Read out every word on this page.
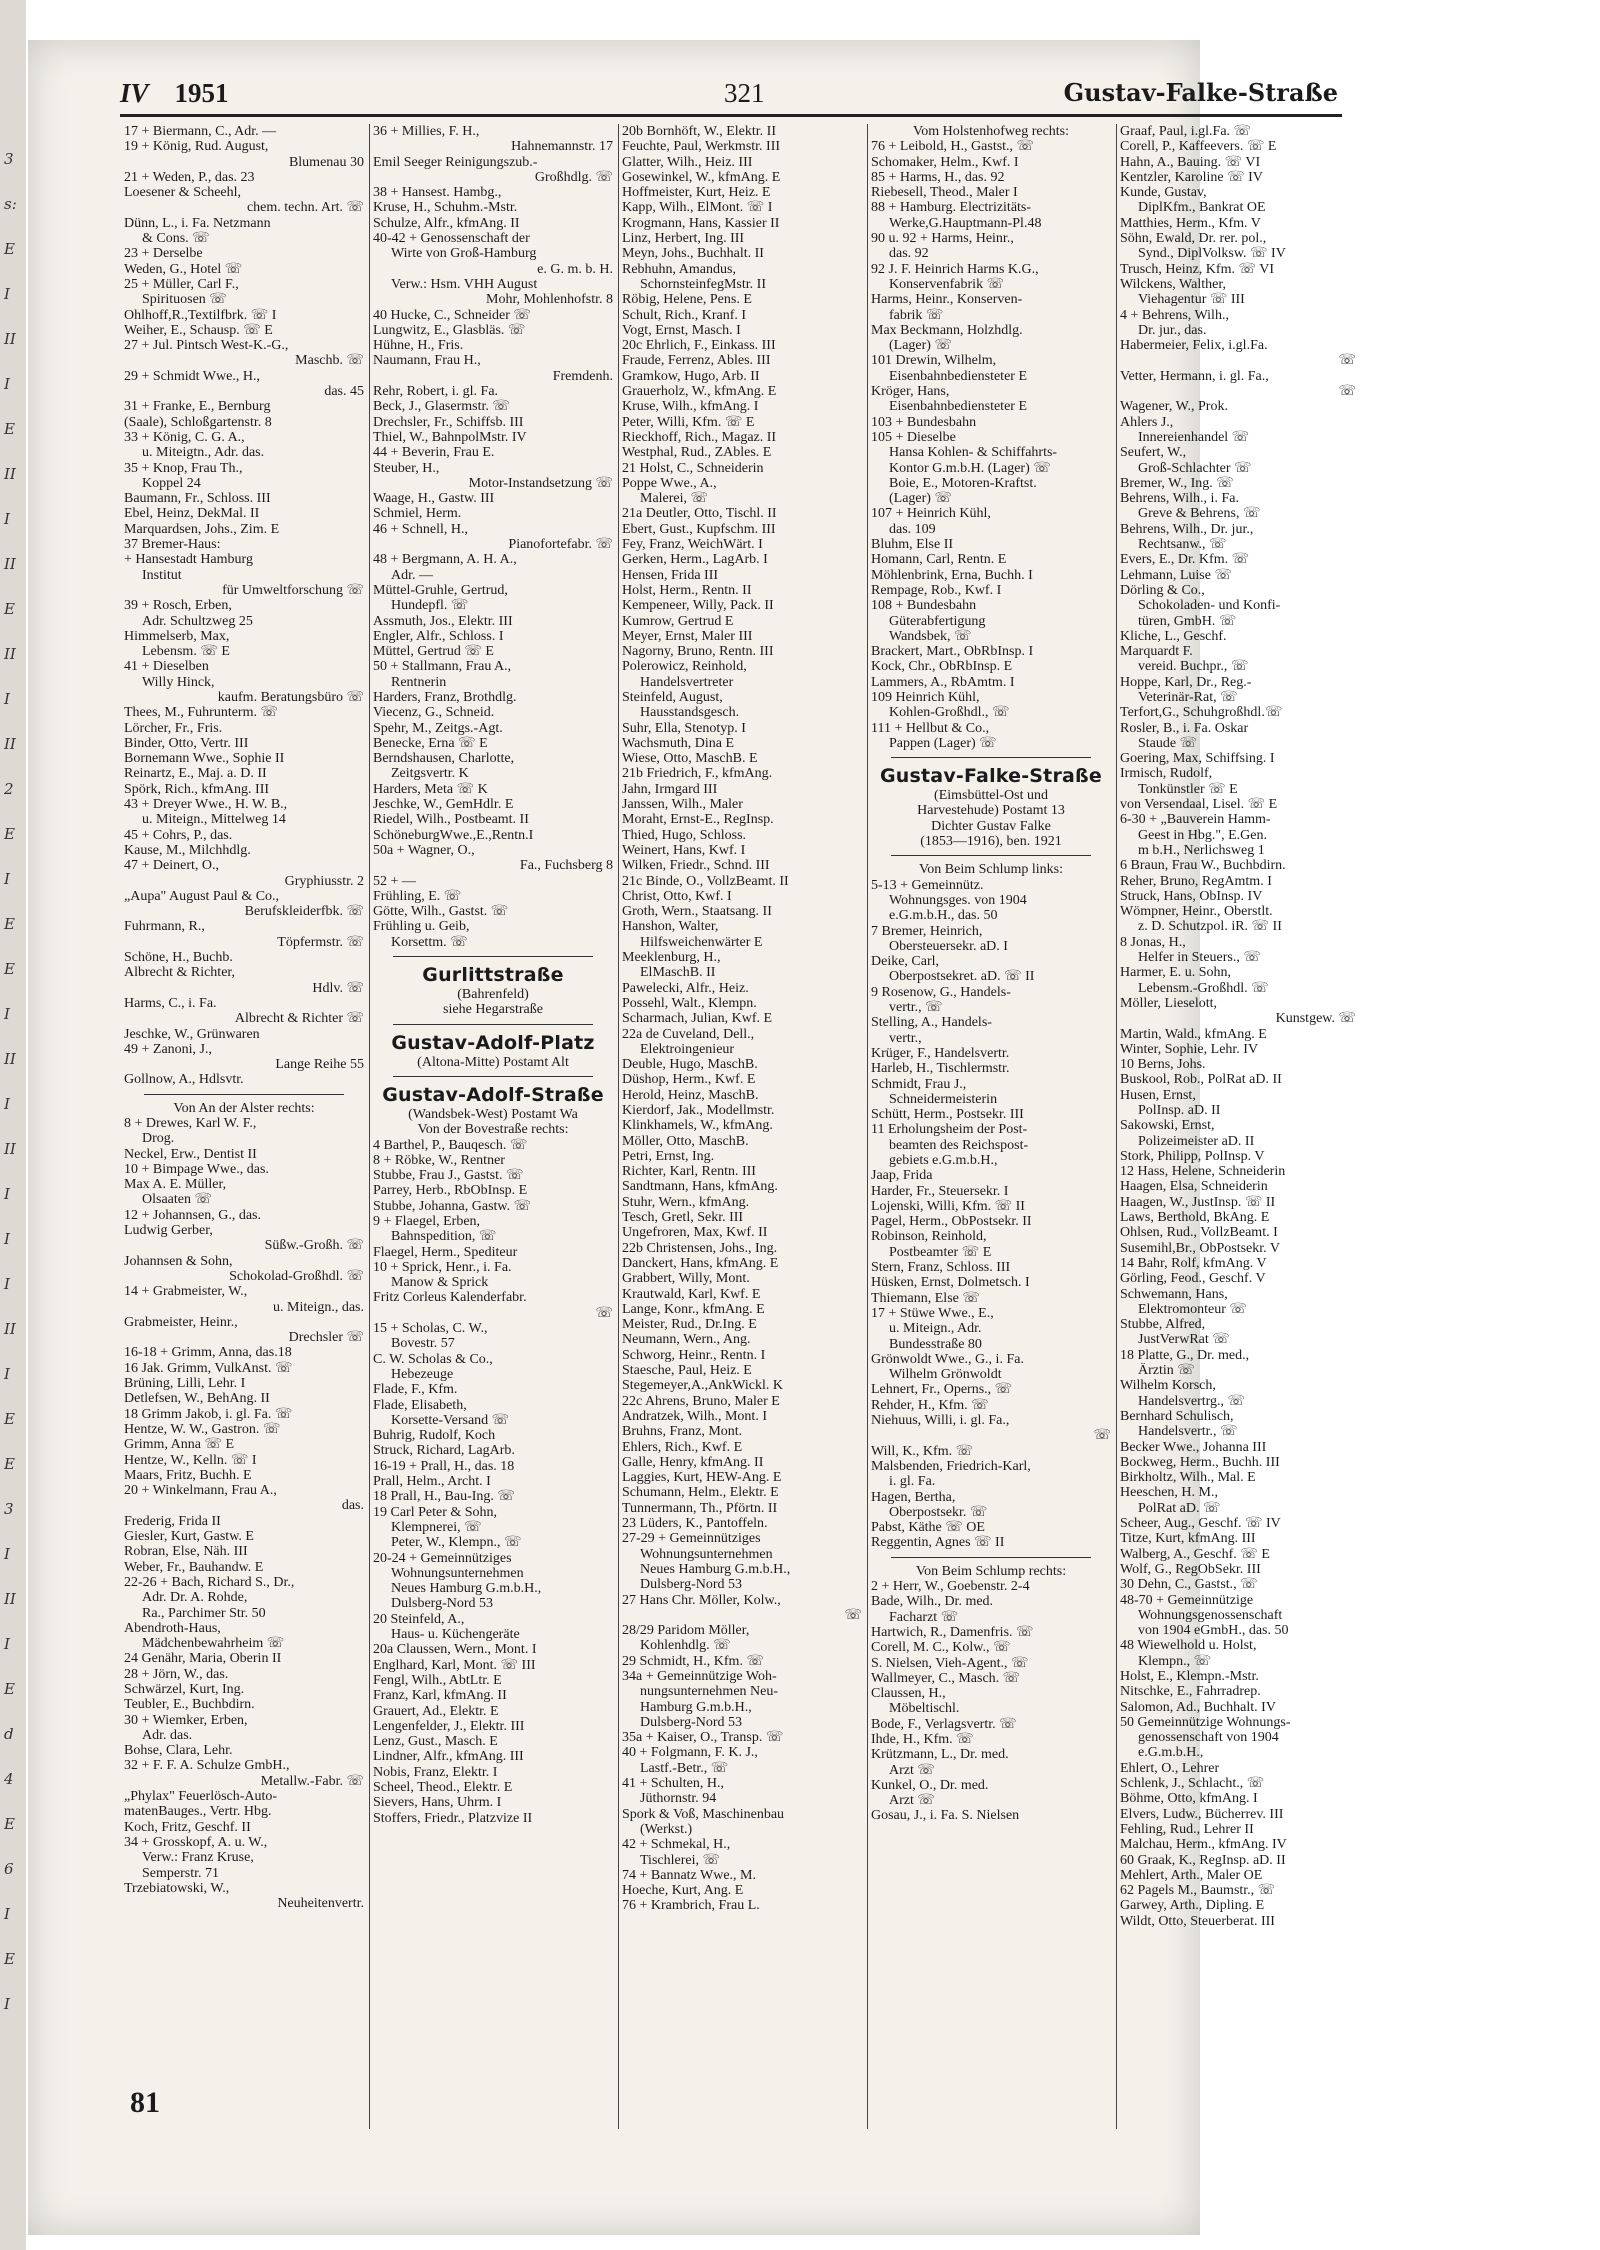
3
s:
E
I
II
I
E
II
I
II
E
II
I
II
2
E
I
E
E
I
II
I
II
I
I
I
II
I
E
E
3
I
II
I
E
d
4
E
6
I
E
I
IV 1951	321	Gustav-Falke-Straße
17 + Biermann, C., Adr. —
19 + König, Rud. August,
Blumenau 30
21 + Weden, P., das. 23
Loesener & Scheehl,
chem. techn. Art. ☏
Dünn, L., i. Fa. Netzmann
& Cons. ☏
23 + Derselbe
Weden, G., Hotel ☏
25 + Müller, Carl F.,
Spirituosen ☏
Ohlhoff,R.,Textilfbrk. ☏ I
Weiher, E., Schausp. ☏ E
27 + Jul. Pintsch West-K.-G.,
Maschb. ☏
29 + Schmidt Wwe., H.,
das. 45
31 + Franke, E., Bernburg
(Saale), Schloßgartenstr. 8
33 + König, C. G. A.,
u. Miteigtn., Adr. das.
35 + Knop, Frau Th.,
Koppel 24
Baumann, Fr., Schloss. III
Ebel, Heinz, DekMal. II
Marquardsen, Johs., Zim. E
37 Bremer-Haus:
+ Hansestadt Hamburg
Institut
für Umweltforschung ☏
39 + Rosch, Erben,
Adr. Schultzweg 25
Himmelserb, Max,
Lebensm. ☏ E
41 + Dieselben
Willy Hinck,
kaufm. Beratungsbüro ☏
Thees, M., Fuhrunterm. ☏
Lörcher, Fr., Fris.
Binder, Otto, Vertr. III
Bornemann Wwe., Sophie II
Reinartz, E., Maj. a. D. II
Spörk, Rich., kfmAng. III
43 + Dreyer Wwe., H. W. B.,
u. Miteign., Mittelweg 14
45 + Cohrs, P., das.
Kause, M., Milchhdlg.
47 + Deinert, O.,
Gryphiusstr. 2
„Aupa" August Paul & Co.,
Berufskleiderfbk. ☏
Fuhrmann, R.,
Töpfermstr. ☏
Schöne, H., Buchb.
Albrecht & Richter,
Hdlv. ☏
Harms, C., i. Fa.
Albrecht & Richter ☏
Jeschke, W., Grünwaren
49 + Zanoni, J.,
Lange Reihe 55
Gollnow, A., Hdlsvtr.
Von An der Alster rechts:
8 + Drewes, Karl W. F.,
Drog.
Neckel, Erw., Dentist II
10 + Bimpage Wwe., das.
Max A. E. Müller,
Olsaaten ☏
12 + Johannsen, G., das.
Ludwig Gerber,
Süßw.-Großh. ☏
Johannsen & Sohn,
Schokolad-Großhdl. ☏
14 + Grabmeister, W.,
u. Miteign., das.
Grabmeister, Heinr.,
Drechsler ☏
16-18 + Grimm, Anna, das.18
16 Jak. Grimm, VulkAnst. ☏
Brüning, Lilli, Lehr. I
Detlefsen, W., BehAng. II
18 Grimm Jakob, i. gl. Fa. ☏
Hentze, W. W., Gastron. ☏
Grimm, Anna ☏ E
Hentze, W., Kelln. ☏ I
Maars, Fritz, Buchh. E
20 + Winkelmann, Frau A.,
das.
Frederig, Frida II
Giesler, Kurt, Gastw. E
Robran, Else, Näh. III
Weber, Fr., Bauhandw. E
22-26 + Bach, Richard S., Dr.,
Adr. Dr. A. Rohde,
Ra., Parchimer Str. 50
Abendroth-Haus,
Mädchenbewahrheim ☏
24 Genähr, Maria, Oberin II
28 + Jörn, W., das.
Schwärzel, Kurt, Ing.
Teubler, E., Buchbdirn.
30 + Wiemker, Erben,
Adr. das.
Bohse, Clara, Lehr.
32 + F. F. A. Schulze GmbH.,
Metallw.-Fabr. ☏
„Phylax" Feuerlösch-Auto-
matenBauges., Vertr. Hbg.
Koch, Fritz, Geschf. II
34 + Grosskopf, A. u. W.,
Verw.: Franz Kruse,
Semperstr. 71
Trzebiatowski, W.,
Neuheitenvertr.
36 + Millies, F. H.,
Hahnemannstr. 17
Emil Seeger Reinigungszub.-
Großhdlg. ☏
38 + Hansest. Hambg.,
Kruse, H., Schuhm.-Mstr.
Schulze, Alfr., kfmAng. II
40-42 + Genossenschaft der
Wirte von Groß-Hamburg
e. G. m. b. H.
Verw.: Hsm. VHH August
Mohr, Mohlenhofstr. 8
40 Hucke, C., Schneider ☏
Lungwitz, E., Glasbläs. ☏
Hühne, H., Fris.
Naumann, Frau H.,
Fremdenh.
Rehr, Robert, i. gl. Fa.
Beck, J., Glasermstr. ☏
Drechsler, Fr., Schiffsb. III
Thiel, W., BahnpolMstr. IV
44 + Beverin, Frau E.
Steuber, H.,
Motor-Instandsetzung ☏
Waage, H., Gastw. III
Schmiel, Herm.
46 + Schnell, H.,
Pianofortefabr. ☏
48 + Bergmann, A. H. A.,
Adr. —
Müttel-Gruhle, Gertrud,
Hundepfl. ☏
Assmuth, Jos., Elektr. III
Engler, Alfr., Schloss. I
Müttel, Gertrud ☏ E
50 + Stallmann, Frau A.,
Rentnerin
Harders, Franz, Brothdlg.
Viecenz, G., Schneid.
Spehr, M., Zeitgs.-Agt.
Benecke, Erna ☏ E
Berndshausen, Charlotte,
Zeitgsvertr. K
Harders, Meta ☏ K
Jeschke, W., GemHdlr. E
Riedel, Wilh., Postbeamt. II
SchöneburgWwe.,E.,Rentn.I
50a + Wagner, O.,
Fa., Fuchsberg 8
52 + —
Frühling, E. ☏
Götte, Wilh., Gastst. ☏
Frühling u. Geib,
Korsettm. ☏
Gurlittstraße
(Bahrenfeld)
siehe Hegarstraße
Gustav-Adolf-Platz
(Altona-Mitte) Postamt Alt
Gustav-Adolf-Straße
(Wandsbek-West) Postamt Wa
Von der Bovestraße rechts:
4 Barthel, P., Bauqesch. ☏
8 + Röbke, W., Rentner
Stubbe, Frau J., Gastst. ☏
Parrey, Herb., RbObInsp. E
Stubbe, Johanna, Gastw. ☏
9 + Flaegel, Erben,
Bahnspedition, ☏
Flaegel, Herm., Spediteur
10 + Sprick, Henr., i. Fa.
Manow & Sprick
Fritz Corleus Kalenderfabr.
☏
15 + Scholas, C. W.,
Bovestr. 57
C. W. Scholas & Co.,
Hebezeuge
Flade, F., Kfm.
Flade, Elisabeth,
Korsette-Versand ☏
Buhrig, Rudolf, Koch
Struck, Richard, LagArb.
16-19 + Prall, H., das. 18
Prall, Helm., Archt. I
18 Prall, H., Bau-Ing. ☏
19 Carl Peter & Sohn,
Klempnerei, ☏
Peter, W., Klempn., ☏
20-24 + Gemeinnütziges
Wohnungsunternehmen
Neues Hamburg G.m.b.H.,
Dulsberg-Nord 53
20 Steinfeld, A.,
Haus- u. Küchengeräte
20a Claussen, Wern., Mont. I
Englhard, Karl, Mont. ☏ III
Fengl, Wilh., AbtLtr. E
Franz, Karl, kfmAng. II
Grauert, Ad., Elektr. E
Lengenfelder, J., Elektr. III
Lenz, Gust., Masch. E
Lindner, Alfr., kfmAng. III
Nobis, Franz, Elektr. I
Scheel, Theod., Elektr. E
Sievers, Hans, Uhrm. I
Stoffers, Friedr., Platzvize II
20b Bornhöft, W., Elektr. II
Feuchte, Paul, Werkmstr. III
Glatter, Wilh., Heiz. III
Gosewinkel, W., kfmAng. E
Hoffmeister, Kurt, Heiz. E
Kapp, Wilh., ElMont. ☏ I
Krogmann, Hans, Kassier II
Linz, Herbert, Ing. III
Meyn, Johs., Buchhalt. II
Rebhuhn, Amandus,
SchornsteinfegMstr. II
Röbig, Helene, Pens. E
Schult, Rich., Kranf. I
Vogt, Ernst, Masch. I
20c Ehrlich, F., Einkass. III
Fraude, Ferrenz, Ables. III
Gramkow, Hugo, Arb. II
Grauerholz, W., kfmAng. E
Kruse, Wilh., kfmAng. I
Peter, Willi, Kfm. ☏ E
Rieckhoff, Rich., Magaz. II
Westphal, Rud., ZAbles. E
21 Holst, C., Schneiderin
Poppe Wwe., A.,
Malerei, ☏
21a Deutler, Otto, Tischl. II
Ebert, Gust., Kupfschm. III
Fey, Franz, WeichWärt. I
Gerken, Herm., LagArb. I
Hensen, Frida III
Holst, Herm., Rentn. II
Kempeneer, Willy, Pack. II
Kumrow, Gertrud E
Meyer, Ernst, Maler III
Nagorny, Bruno, Rentn. III
Polerowicz, Reinhold,
Handelsvertreter
Steinfeld, August,
Hausstandsgesch.
Suhr, Ella, Stenotyp. I
Wachsmuth, Dina E
Wiese, Otto, MaschB. E
21b Friedrich, F., kfmAng.
Jahn, Irmgard III
Janssen, Wilh., Maler
Moraht, Ernst-E., RegInsp.
Thied, Hugo, Schloss.
Weinert, Hans, Kwf. I
Wilken, Friedr., Schnd. III
21c Binde, O., VollzBeamt. II
Christ, Otto, Kwf. I
Groth, Wern., Staatsang. II
Hanshon, Walter,
Hilfsweichenwärter E
Meeklenburg, H.,
ElMaschB. II
Pawelecki, Alfr., Heiz.
Possehl, Walt., Klempn.
Scharmach, Julian, Kwf. E
22a de Cuveland, Dell.,
Elektroingenieur
Deuble, Hugo, MaschB.
Düshop, Herm., Kwf. E
Herold, Heinz, MaschB.
Kierdorf, Jak., Modellmstr.
Klinkhamels, W., kfmAng.
Möller, Otto, MaschB.
Petri, Ernst, Ing.
Richter, Karl, Rentn. III
Sandtmann, Hans, kfmAng.
Stuhr, Wern., kfmAng.
Tesch, Gretl, Sekr. III
Ungefroren, Max, Kwf. II
22b Christensen, Johs., Ing.
Danckert, Hans, kfmAng. E
Grabbert, Willy, Mont.
Krautwald, Karl, Kwf. E
Lange, Konr., kfmAng. E
Meister, Rud., Dr.Ing. E
Neumann, Wern., Ang.
Schworg, Heinr., Rentn. I
Staesche, Paul, Heiz. E
Stegemeyer,A.,AnkWickl. K
22c Ahrens, Bruno, Maler E
Andratzek, Wilh., Mont. I
Bruhns, Franz, Mont.
Ehlers, Rich., Kwf. E
Galle, Henry, kfmAng. II
Laggies, Kurt, HEW-Ang. E
Schumann, Helm., Elektr. E
Tunnermann, Th., Pförtn. II
23 Lüders, K., Pantoffeln.
27-29 + Gemeinnütziges
Wohnungsunternehmen
Neues Hamburg G.m.b.H.,
Dulsberg-Nord 53
27 Hans Chr. Möller, Kolw.,
☏
28/29 Paridom Möller,
Kohlenhdlg. ☏
29 Schmidt, H., Kfm. ☏
34a + Gemeinnützige Woh-
nungsunternehmen Neu-
Hamburg G.m.b.H.,
Dulsberg-Nord 53
35a + Kaiser, O., Transp. ☏
40 + Folgmann, F. K. J.,
Lastf.-Betr., ☏
41 + Schulten, H.,
Jüthornstr. 94
Spork & Voß, Maschinenbau
(Werkst.)
42 + Schmekal, H.,
Tischlerei, ☏
74 + Bannatz Wwe., M.
Hoeche, Kurt, Ang. E
76 + Krambrich, Frau L.
Vom Holstenhofweg rechts:
76 + Leibold, H., Gastst., ☏
Schomaker, Helm., Kwf. I
85 + Harms, H., das. 92
Riebesell, Theod., Maler I
88 + Hamburg. Electrizitäts-
Werke,G.Hauptmann-Pl.48
90 u. 92 + Harms, Heinr.,
das. 92
92 J. F. Heinrich Harms K.G.,
Konservenfabrik ☏
Harms, Heinr., Konserven-
fabrik ☏
Max Beckmann, Holzhdlg.
(Lager) ☏
101 Drewin, Wilhelm,
Eisenbahnbediensteter E
Kröger, Hans,
Eisenbahnbediensteter E
103 + Bundesbahn
105 + Dieselbe
Hansa Kohlen- & Schiffahrts-
Kontor G.m.b.H. (Lager) ☏
Boie, E., Motoren-Kraftst.
(Lager) ☏
107 + Heinrich Kühl,
das. 109
Bluhm, Else II
Homann, Carl, Rentn. E
Möhlenbrink, Erna, Buchh. I
Rempage, Rob., Kwf. I
108 + Bundesbahn
Güterabfertigung
Wandsbek, ☏
Brackert, Mart., ObRbInsp. I
Kock, Chr., ObRbInsp. E
Lammers, A., RbAmtm. I
109 Heinrich Kühl,
Kohlen-Großhdl., ☏
111 + Hellbut & Co.,
Pappen (Lager) ☏
Gustav-Falke-Straße
(Eimsbüttel-Ost und
Harvestehude) Postamt 13
Dichter Gustav Falke
(1853—1916), ben. 1921
Von Beim Schlump links:
5-13 + Gemeinnütz.
Wohnungsges. von 1904
e.G.m.b.H., das. 50
7 Bremer, Heinrich,
Obersteuersekr. aD. I
Deike, Carl,
Oberpostsekret. aD. ☏ II
9 Rosenow, G., Handels-
vertr., ☏
Stelling, A., Handels-
vertr.,
Krüger, F., Handelsvertr.
Harleb, H., Tischlermstr.
Schmidt, Frau J.,
Schneidermeisterin
Schütt, Herm., Postsekr. III
11 Erholungsheim der Post-
beamten des Reichspost-
gebiets e.G.m.b.H.,
Jaap, Frida
Harder, Fr., Steuersekr. I
Lojenski, Willi, Kfm. ☏ II
Pagel, Herm., ObPostsekr. II
Robinson, Reinhold,
Postbeamter ☏ E
Stern, Franz, Schloss. III
Hüsken, Ernst, Dolmetsch. I
Thiemann, Else ☏
17 + Stüwe Wwe., E.,
u. Miteign., Adr.
Bundesstraße 80
Grönwoldt Wwe., G., i. Fa.
Wilhelm Grönwoldt
Lehnert, Fr., Operns., ☏
Rehder, H., Kfm. ☏
Niehuus, Willi, i. gl. Fa.,
☏
Will, K., Kfm. ☏
Malsbenden, Friedrich-Karl,
i. gl. Fa.
Hagen, Bertha,
Oberpostsekr. ☏
Pabst, Käthe ☏ OE
Reggentin, Agnes ☏ II
Von Beim Schlump rechts:
2 + Herr, W., Goebenstr. 2-4
Bade, Wilh., Dr. med.
Facharzt ☏
Hartwich, R., Damenfris. ☏
Corell, M. C., Kolw., ☏
S. Nielsen, Vieh-Agent., ☏
Wallmeyer, C., Masch. ☏
Claussen, H.,
Möbeltischl.
Bode, F., Verlagsvertr. ☏
Ihde, H., Kfm. ☏
Krützmann, L., Dr. med.
Arzt ☏
Kunkel, O., Dr. med.
Arzt ☏
Gosau, J., i. Fa. S. Nielsen
Graaf, Paul, i.gl.Fa. ☏
Corell, P., Kaffeevers. ☏ E
Hahn, A., Bauing. ☏ VI
Kentzler, Karoline ☏ IV
Kunde, Gustav,
DiplKfm., Bankrat OE
Matthies, Herm., Kfm. V
Söhn, Ewald, Dr. rer. pol.,
Synd., DiplVolksw. ☏ IV
Trusch, Heinz, Kfm. ☏ VI
Wilckens, Walther,
Viehagentur ☏ III
4 + Behrens, Wilh.,
Dr. jur., das.
Habermeier, Felix, i.gl.Fa.
☏
Vetter, Hermann, i. gl. Fa.,
☏
Wagener, W., Prok.
Ahlers J.,
Innereienhandel ☏
Seufert, W.,
Groß-Schlachter ☏
Bremer, W., Ing. ☏
Behrens, Wilh., i. Fa.
Greve & Behrens, ☏
Behrens, Wilh., Dr. jur.,
Rechtsanw., ☏
Evers, E., Dr. Kfm. ☏
Lehmann, Luise ☏
Dörling & Co.,
Schokoladen- und Konfi-
türen, GmbH. ☏
Kliche, L., Geschf.
Marquardt F.
vereid. Buchpr., ☏
Hoppe, Karl, Dr., Reg.-
Veterinär-Rat, ☏
Terfort,G., Schuhgroßhdl.☏
Rosler, B., i. Fa. Oskar
Staude ☏
Goering, Max, Schiffsing. I
Irmisch, Rudolf,
Tonkünstler ☏ E
von Versendaal, Lisel. ☏ E
6-30 + „Bauverein Hamm-
Geest in Hbg.", E.Gen.
m b.H., Nerlichsweg 1
6 Braun, Frau W., Buchbdirn.
Reher, Bruno, RegAmtm. I
Struck, Hans, ObInsp. IV
Wömpner, Heinr., Oberstlt.
z. D. Schutzpol. iR. ☏ II
8 Jonas, H.,
Helfer in Steuers., ☏
Harmer, E. u. Sohn,
Lebensm.-Großhdl. ☏
Möller, Lieselott,
Kunstgew. ☏
Martin, Wald., kfmAng. E
Winter, Sophie, Lehr. IV
10 Berns, Johs.
Buskool, Rob., PolRat aD. II
Husen, Ernst,
PolInsp. aD. II
Sakowski, Ernst,
Polizeimeister aD. II
Stork, Philipp, PolInsp. V
12 Hass, Helene, Schneiderin
Haagen, Elsa, Schneiderin
Haagen, W., JustInsp. ☏ II
Laws, Berthold, BkAng. E
Ohlsen, Rud., VollzBeamt. I
Susemihl,Br., ObPostsekr. V
14 Bahr, Rolf, kfmAng. V
Görling, Feod., Geschf. V
Schwemann, Hans,
Elektromonteur ☏
Stubbe, Alfred,
JustVerwRat ☏
18 Platte, G., Dr. med.,
Ärztin ☏
Wilhelm Korsch,
Handelsvertrg., ☏
Bernhard Schulisch,
Handelsvertr., ☏
Becker Wwe., Johanna III
Bockweg, Herm., Buchh. III
Birkholtz, Wilh., Mal. E
Heeschen, H. M.,
PolRat aD. ☏
Scheer, Aug., Geschf. ☏ IV
Titze, Kurt, kfmAng. III
Walberg, A., Geschf. ☏ E
Wolf, G., RegObSekr. III
30 Dehn, C., Gastst., ☏
48-70 + Gemeinnützige
Wohnungsgenossenschaft
von 1904 eGmbH., das. 50
48 Wiewelhold u. Holst,
Klempn., ☏
Holst, E., Klempn.-Mstr.
Nitschke, E., Fahrradrep.
Salomon, Ad., Buchhalt. IV
50 Gemeinnützige Wohnungs-
genossenschaft von 1904
e.G.m.b.H.,
Ehlert, O., Lehrer
Schlenk, J., Schlacht., ☏
Böhme, Otto, kfmAng. I
Elvers, Ludw., Bücherrev. III
Fehling, Rud., Lehrer II
Malchau, Herm., kfmAng. IV
60 Graak, K., RegInsp. aD. II
Mehlert, Arth., Maler OE
62 Pagels M., Baumstr., ☏
Garwey, Arth., Dipling. E
Wildt, Otto, Steuerberat. III
81
